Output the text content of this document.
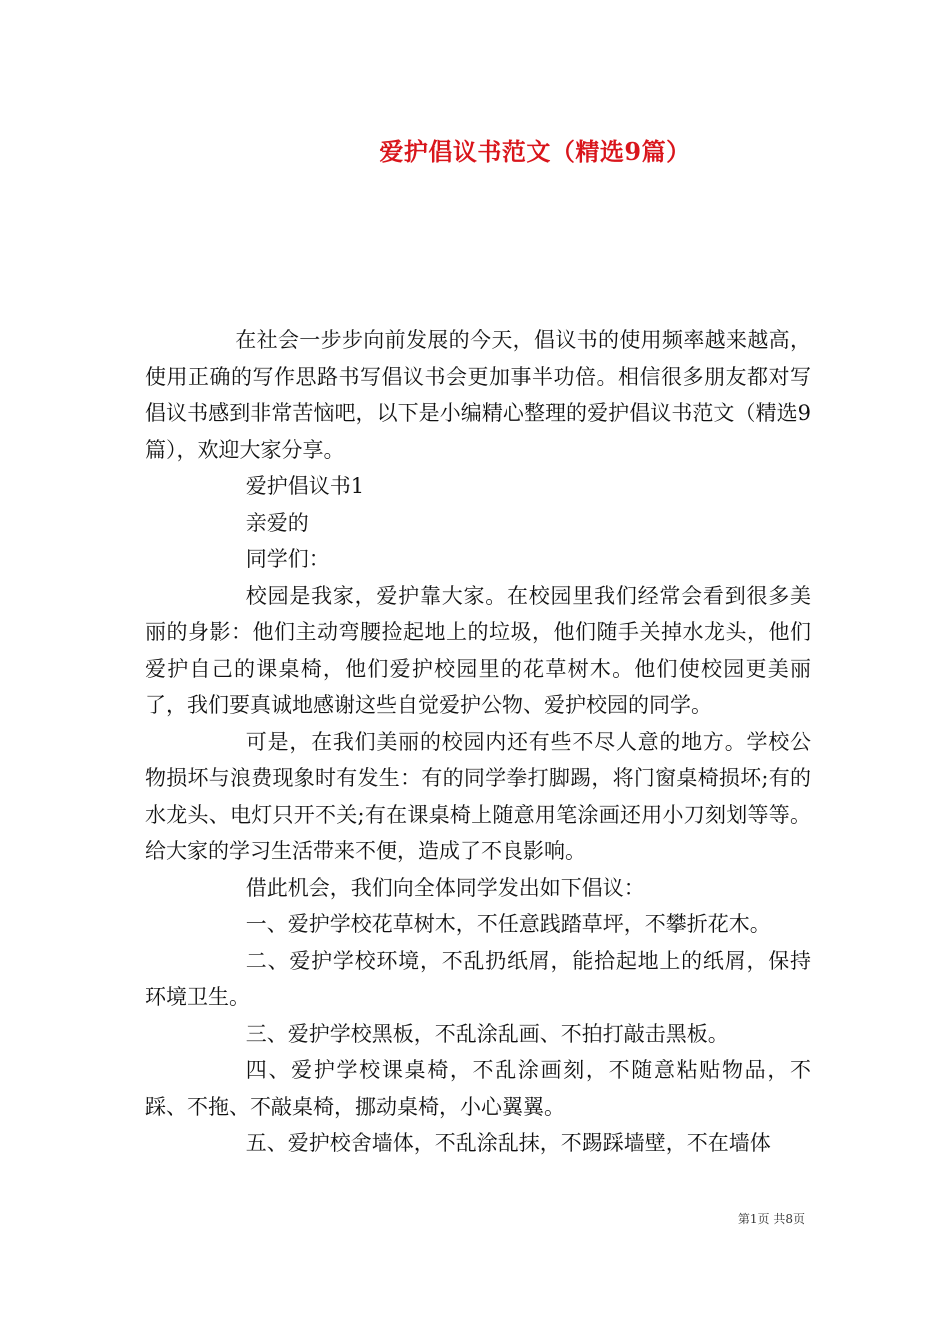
爱护倡议书范文（精选9篇）

在社会一步步向前发展的今天，倡议书的使用频率越来越高，使用正确的写作思路书写倡议书会更加事半功倍。相信很多朋友都对写倡议书感到非常苦恼吧，以下是小编精心整理的爱护倡议书范文（精选9篇），欢迎大家分享。

爱护倡议书1

亲爱的

同学们：

校园是我家，爱护靠大家。在校园里我们经常会看到很多美丽的身影：他们主动弯腰捡起地上的垃圾，他们随手关掉水龙头，他们爱护自己的课桌椅，他们爱护校园里的花草树木。他们使校园更美丽了，我们要真诚地感谢这些自觉爱护公物、爱护校园的同学。

可是，在我们美丽的校园内还有些不尽人意的地方。学校公物损坏与浪费现象时有发生：有的同学拳打脚踢，将门窗桌椅损坏;有的水龙头、电灯只开不关;有在课桌椅上随意用笔涂画还用小刀刻划等等。给大家的学习生活带来不便，造成了不良影响。

借此机会，我们向全体同学发出如下倡议：

一、爱护学校花草树木，不任意践踏草坪，不攀折花木。

二、爱护学校环境，不乱扔纸屑，能拾起地上的纸屑，保持环境卫生。

三、爱护学校黑板，不乱涂乱画、不拍打敲击黑板。

四、爱护学校课桌椅，不乱涂画刻，不随意粘贴物品，不踩、不拖、不敲桌椅，挪动桌椅，小心翼翼。

五、爱护校舍墙体，不乱涂乱抹，不踢踩墙壁，不在墙体

第1页 共8页
